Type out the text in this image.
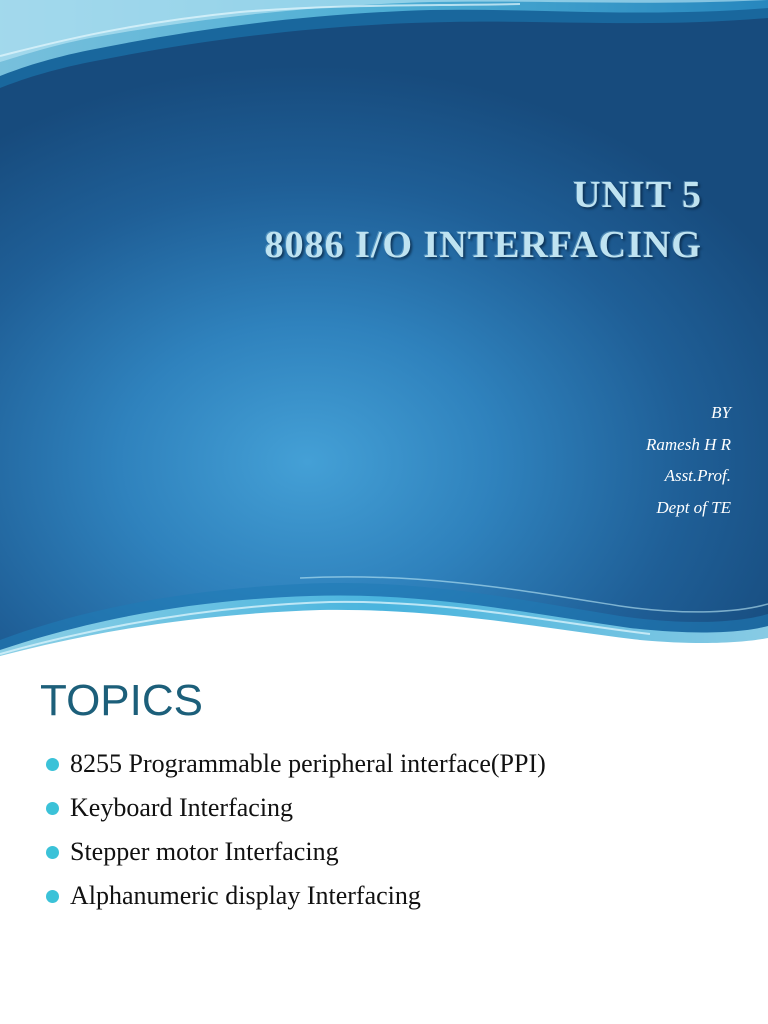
UNIT 5
8086 I/O INTERFACING
BY
Ramesh H R
Asst.Prof.
Dept of TE
TOPICS
8255 Programmable peripheral interface(PPI)
Keyboard Interfacing
Stepper motor Interfacing
Alphanumeric display Interfacing
